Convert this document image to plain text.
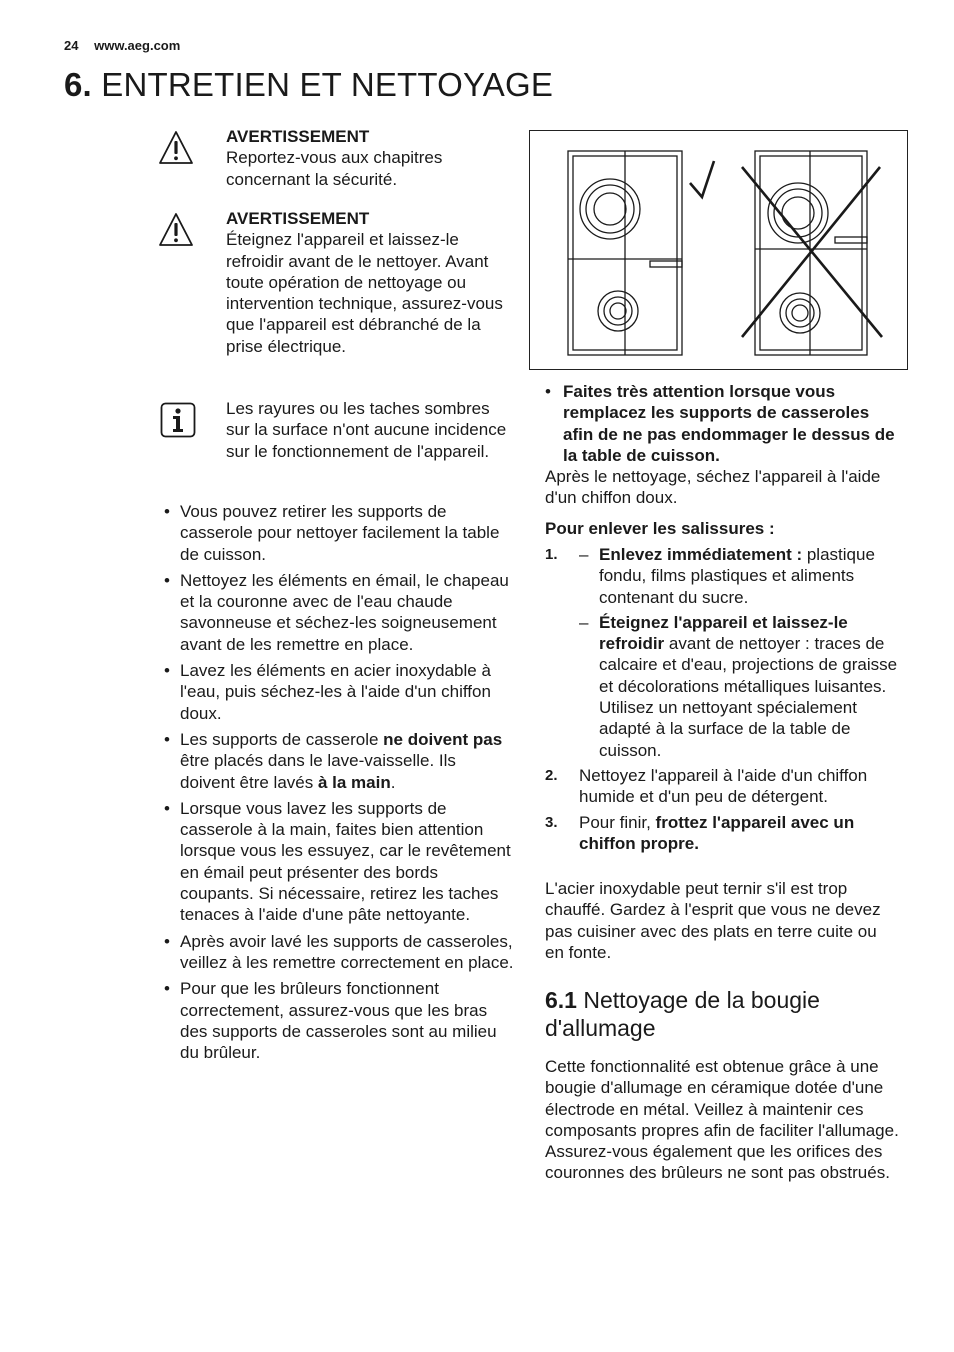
24 www.aeg.com
6. ENTRETIEN ET NETTOYAGE
AVERTISSEMENT
Reportez-vous aux chapitres concernant la sécurité.
AVERTISSEMENT
Éteignez l'appareil et laissez-le refroidir avant de le nettoyer. Avant toute opération de nettoyage ou intervention technique, assurez-vous que l'appareil est débranché de la prise électrique.
Les rayures ou les taches sombres sur la surface n'ont aucune incidence sur le fonctionnement de l'appareil.
• Vous pouvez retirer les supports de casserole pour nettoyer facilement la table de cuisson.
• Nettoyez les éléments en émail, le chapeau et la couronne avec de l'eau chaude savonneuse et séchez-les soigneusement avant de les remettre en place.
• Lavez les éléments en acier inoxydable à l'eau, puis séchez-les à l'aide d'un chiffon doux.
• Les supports de casserole ne doivent pas être placés dans le lave-vaisselle. Ils doivent être lavés à la main.
• Lorsque vous lavez les supports de casserole à la main, faites bien attention lorsque vous les essuyez, car le revêtement en émail peut présenter des bords coupants. Si nécessaire, retirez les taches tenaces à l'aide d'une pâte nettoyante.
• Après avoir lavé les supports de casseroles, veillez à les remettre correctement en place.
• Pour que les brûleurs fonctionnent correctement, assurez-vous que les bras des supports de casseroles sont au milieu du brûleur.
• Faites très attention lorsque vous remplacez les supports de casseroles afin de ne pas endommager le dessus de la table de cuisson.
Après le nettoyage, séchez l'appareil à l'aide d'un chiffon doux.
Pour enlever les salissures :
1. – Enlevez immédiatement : plastique fondu, films plastiques et aliments contenant du sucre.
– Éteignez l'appareil et laissez-le refroidir avant de nettoyer : traces de calcaire et d'eau, projections de graisse et décolorations métalliques luisantes. Utilisez un nettoyant spécialement adapté à la surface de la table de cuisson.
2. Nettoyez l'appareil à l'aide d'un chiffon humide et d'un peu de détergent.
3. Pour finir, frottez l'appareil avec un chiffon propre.
L'acier inoxydable peut ternir s'il est trop chauffé. Gardez à l'esprit que vous ne devez pas cuisiner avec des plats en terre cuite ou en fonte.
6.1 Nettoyage de la bougie d'allumage
Cette fonctionnalité est obtenue grâce à une bougie d'allumage en céramique dotée d'une électrode en métal. Veillez à maintenir ces composants propres afin de faciliter l'allumage. Assurez-vous également que les orifices des couronnes des brûleurs ne sont pas obstrués.
